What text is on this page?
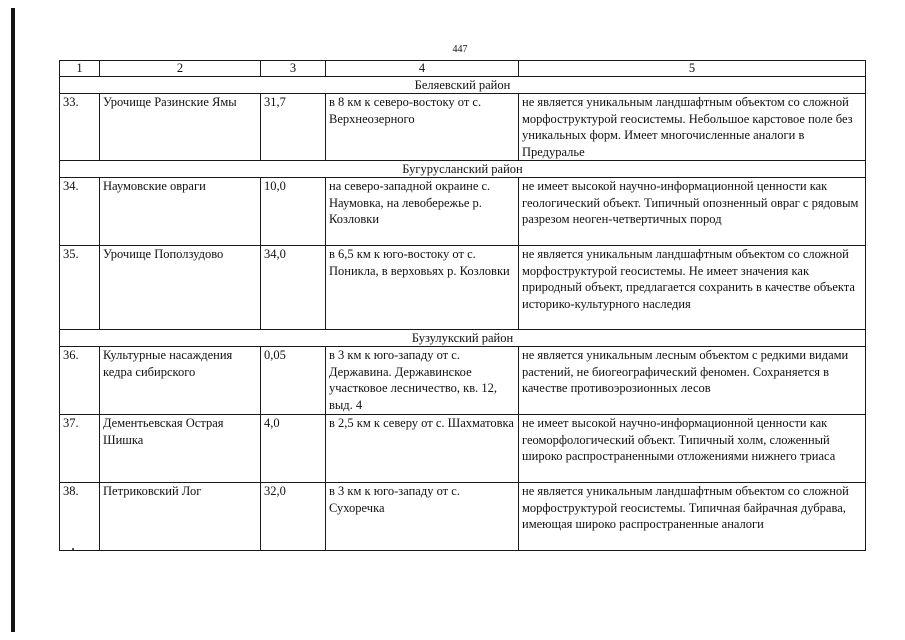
447
1	2	3	4	5
Беляевский район				
33.	Урочище Разинские Ямы	31,7	в 8 км к северо-востоку от с. Верхнеозерного	не является уникальным ландшафтным объектом со сложной морфоструктурой геосистемы. Небольшое карстовое поле без уникальных форм. Имеет многочисленные аналоги в Предуралье
Бугурусланский район				
34.	Наумовские овраги	10,0	на северо-западной окраине с. Наумовка, на левобережье р. Козловки	не имеет высокой научно-информационной ценности как геологический объект. Типичный опозненный овраг с рядовым разрезом неоген-четвертичных пород
35.	Урочище Поползудово	34,0	в 6,5 км к юго-востоку от с. Поникла, в верховьях р. Козловки	не является уникальным ландшафтным объектом со сложной морфоструктурой геосистемы. Не имеет значения как природный объект, предлагается сохранить в качестве объекта историко-культурного наследия
Бузулукский район				
36.	Культурные насаждения кедра сибирского	0,05	в 3 км к юго-западу от с. Державина. Державинское участковое лесничество, кв. 12, выд. 4	не является уникальным лесным объектом с редкими видами растений, не биогеографический феномен. Сохраняется в качестве противоэрозионных лесов
37.	Дементьевская Острая Шишка	4,0	в 2,5 км к северу от с. Шахматовка	не имеет высокой научно-информационной ценности как геоморфологический объект. Типичный холм, сложенный широко распространенными отложениями нижнего триаса
38.	Петриковский Лог	32,0	в 3 км к юго-западу от с. Сухоречка	не является уникальным ландшафтным объектом со сложной морфоструктурой геосистемы. Типичная байрачная дубрава, имеющая широко распространенные аналоги
